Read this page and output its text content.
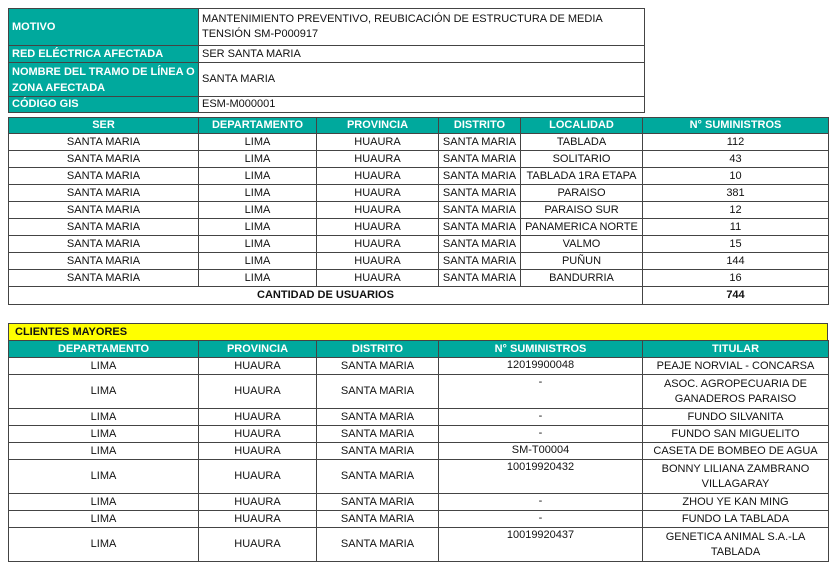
MOTIVO	MANTENIMIENTO PREVENTIVO, REUBICACIÓN DE ESTRUCTURA DE MEDIA TENSIÓN SM-P000917
RED ELÉCTRICA AFECTADA	SER SANTA MARIA
NOMBRE DEL TRAMO DE LÍNEA O ZONA AFECTADA	SANTA MARIA
CÓDIGO GIS	ESM-M000001
SER	DEPARTAMENTO	PROVINCIA	DISTRITO	LOCALIDAD	N° SUMINISTROS
SANTA MARIA	LIMA	HUAURA	SANTA MARIA	TABLADA	112
SANTA MARIA	LIMA	HUAURA	SANTA MARIA	SOLITARIO	43
SANTA MARIA	LIMA	HUAURA	SANTA MARIA	TABLADA 1RA ETAPA	10
SANTA MARIA	LIMA	HUAURA	SANTA MARIA	PARAISO	381
SANTA MARIA	LIMA	HUAURA	SANTA MARIA	PARAISO SUR	12
SANTA MARIA	LIMA	HUAURA	SANTA MARIA	PANAMERICA NORTE	11
SANTA MARIA	LIMA	HUAURA	SANTA MARIA	VALMO	15
SANTA MARIA	LIMA	HUAURA	SANTA MARIA	PUÑUN	144
SANTA MARIA	LIMA	HUAURA	SANTA MARIA	BANDURRIA	16
CANTIDAD DE USUARIOS					744
CLIENTES MAYORES
DEPARTAMENTO	PROVINCIA	DISTRITO	N° SUMINISTROS	TITULAR
LIMA	HUAURA	SANTA MARIA	12019900048	PEAJE NORVIAL - CONCARSA
LIMA	HUAURA	SANTA MARIA	-	ASOC. AGROPECUARIA DE GANADEROS PARAISO
LIMA	HUAURA	SANTA MARIA	-	FUNDO SILVANITA
LIMA	HUAURA	SANTA MARIA	-	FUNDO SAN MIGUELITO
LIMA	HUAURA	SANTA MARIA	SM-T00004	CASETA DE BOMBEO DE AGUA
LIMA	HUAURA	SANTA MARIA	10019920432	BONNY LILIANA ZAMBRANO VILLAGARAY
LIMA	HUAURA	SANTA MARIA	-	ZHOU YE KAN MING
LIMA	HUAURA	SANTA MARIA	-	FUNDO LA TABLADA
LIMA	HUAURA	SANTA MARIA	10019920437	GENETICA ANIMAL S.A.-LA TABLADA
